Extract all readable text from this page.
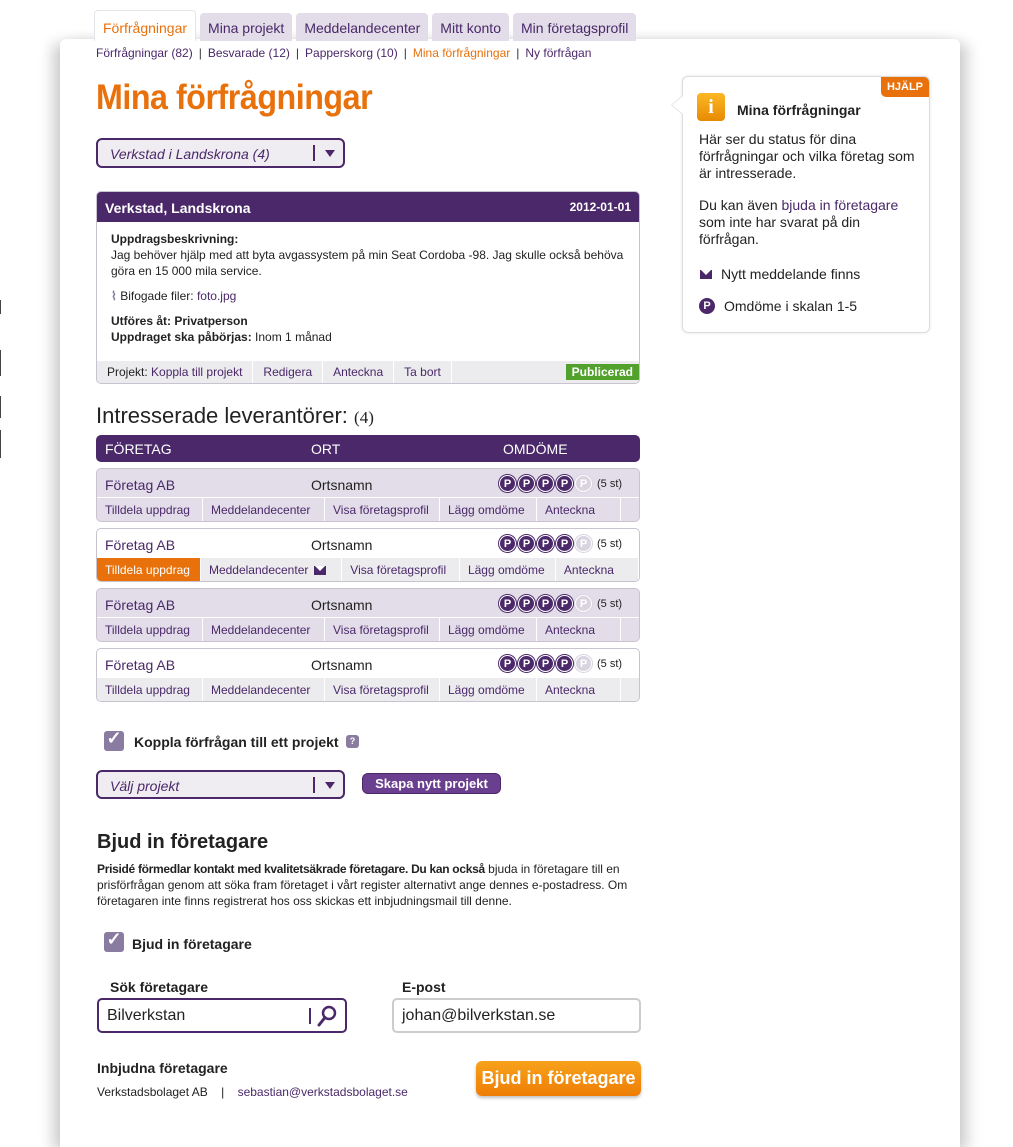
Förfrågningar	Mina projekt	Meddelandecenter	Mitt konto	Min företagsprofil
Förfrågningar (82) | Besvarade (12) | Papperskorg (10) | Mina förfrågningar | Ny förfrågan
Mina förfrågningar
Verkstad i Landskrona (4)
Verkstad, Landskrona	2012-01-01
Uppdragsbeskrivning:
Jag behöver hjälp med att byta avgassystem på min Seat Cordoba -98. Jag skulle också behöva göra en 15 000 mila service.
⌇ Bifogade filer: foto.jpg
Utföres åt: Privatperson
Uppdraget ska påbörjas: Inom 1 månad
Projekt: Koppla till projekt	Redigera	Anteckna	Ta bort	Publicerad
Intresserade leverantörer: (4)
FÖRETAG	ORT	OMDÖME
Företag AB	Ortsnamn	P	P	P	P	P (5 st)
Tilldela uppdrag	Meddelandecenter	Visa företagsprofil	Lägg omdöme	Anteckna
Företag AB	Ortsnamn	P	P	P	P	P (5 st)
Tilldela uppdrag	Meddelandecenter	Visa företagsprofil	Lägg omdöme	Anteckna
Företag AB	Ortsnamn	P	P	P	P	P (5 st)
Tilldela uppdrag	Meddelandecenter	Visa företagsprofil	Lägg omdöme	Anteckna
Företag AB	Ortsnamn	P	P	P	P	P (5 st)
Tilldela uppdrag	Meddelandecenter	Visa företagsprofil	Lägg omdöme	Anteckna
✓ Koppla förfrågan till ett projekt	?
Välj projekt	Skapa nytt projekt
Bjud in företagare
Prisidé förmedlar kontakt med kvalitetsäkrade företagare. Du kan också bjuda in företagare till en prisförfrågan genom att söka fram företaget i vårt register alternativt ange dennes e-postadress. Om företagaren inte finns registrerat hos oss skickas ett inbjudningsmail till denne.
✓ Bjud in företagare
Sök företagare	E-post
Bilverkstan	johan@bilverkstan.se
Inbjudna företagare
Verkstadsbolaget AB | sebastian@verkstadsbolaget.se
Bjud in företagare
HJÄLP
i	Mina förfrågningar

Här ser du status för dina förfrågningar och vilka företag som är intresserade.

Du kan även bjuda in företagare som inte har svarat på din förfrågan.

Nytt meddelande finns
P Omdöme i skalan 1-5
